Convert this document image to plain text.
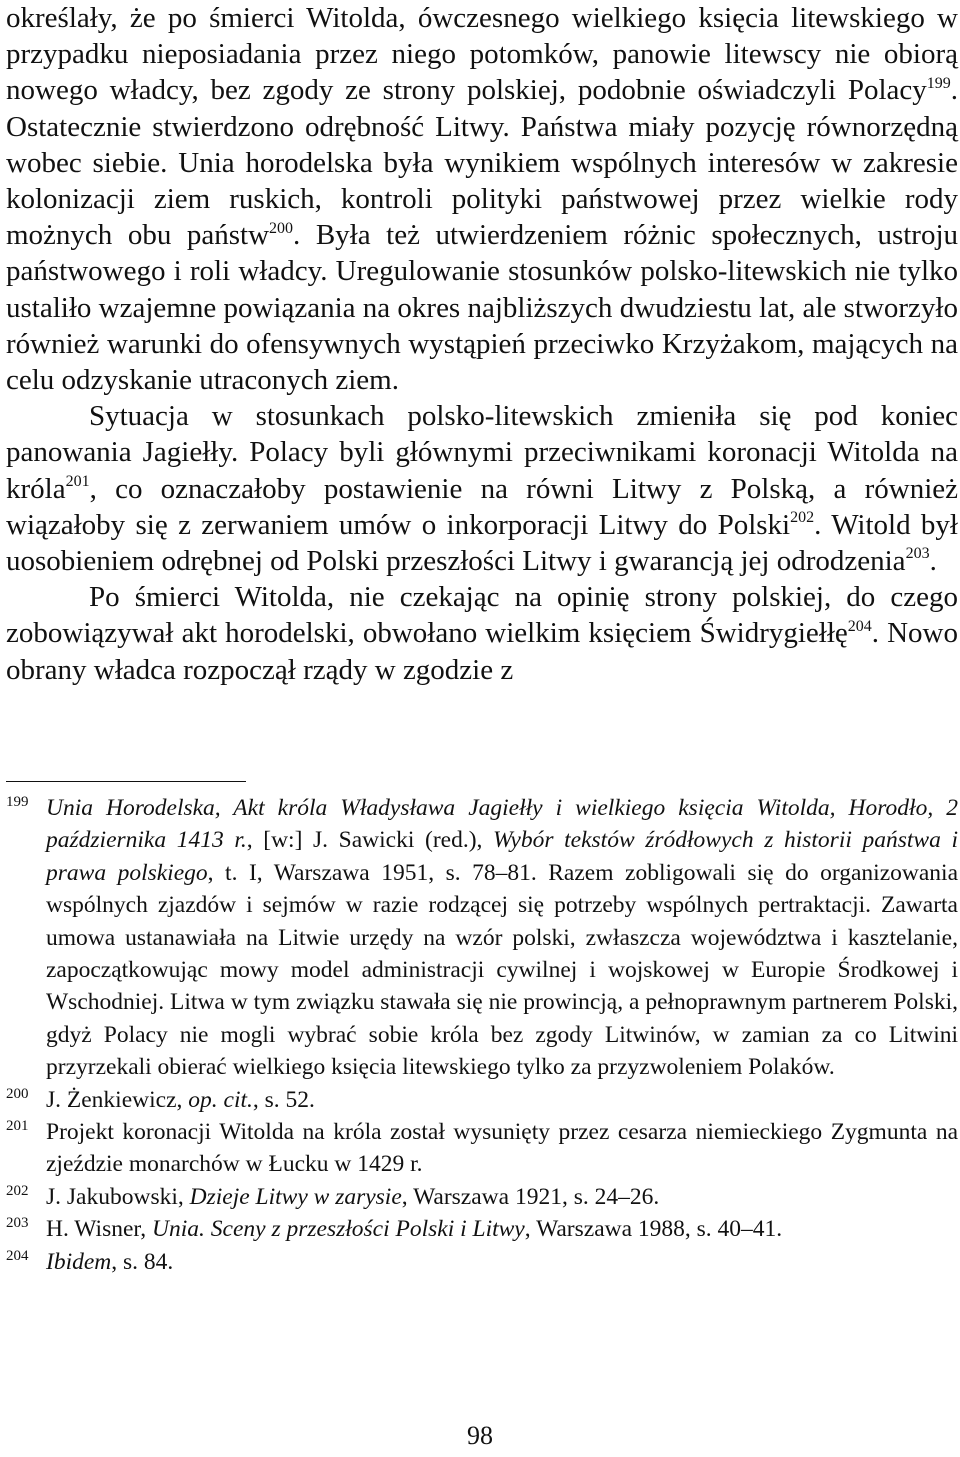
określały, że po śmierci Witolda, ówczesnego wielkiego księcia litewskiego w przypadku nieposiadania przez niego potomków, panowie litewscy nie obiorą nowego władcy, bez zgody ze strony polskiej, podobnie oświadczyli Polacy$^{199}$. Ostatecznie stwierdzono odrębność Litwy. Państwa miały pozycję równorzędną wobec siebie. Unia horodelska była wynikiem wspólnych interesów w zakresie kolonizacji ziem ruskich, kontroli polityki państwowej przez wielkie rody możnych obu państw$^{200}$. Była też utwierdzeniem różnic społecznych, ustroju państwowego i roli władcy. Uregulowanie stosunków polsko-litewskich nie tylko ustaliło wzajemne powiązania na okres najbliższych dwudziestu lat, ale stworzyło również warunki do ofensywnych wystąpień przeciwko Krzyżakom, mających na celu odzyskanie utraconych ziem.

Sytuacja w stosunkach polsko-litewskich zmieniła się pod koniec panowania Jagiełły. Polacy byli głównymi przeciwnikami koronacji Witolda na króla$^{201}$, co oznaczałoby postawienie na równi Litwy z Polską, a również wiązałoby się z zerwaniem umów o inkorporacji Litwy do Polski$^{202}$. Witold był uosobieniem odrębnej od Polski przeszłości Litwy i gwarancją jej odrodzenia$^{203}$.

Po śmierci Witolda, nie czekając na opinię strony polskiej, do czego zobowiązywał akt horodelski, obwołano wielkim księciem Świdrygiełłę$^{204}$. Nowo obrany władca rozpoczął rządy w zgodzie z

199 Unia Horodelska, Akt króla Władysława Jagiełły i wielkiego księcia Witolda, Horodło, 2 października 1413 r., [w:] J. Sawicki (red.), Wybór tekstów źródłowych z historii państwa i prawa polskiego, t. I, Warszawa 1951, s. 78–81. Razem zobligowali się do organizowania wspólnych zjazdów i sejmów w razie rodzącej się potrzeby wspólnych pertraktacji. Zawarta umowa ustanawiała na Litwie urzędy na wzór polski, zwłaszcza województwa i kasztelanie, zapoczątkowując mowy model administracji cywilnej i wojskowej w Europie Środkowej i Wschodniej. Litwa w tym związku stawała się nie prowincją, a pełnoprawnym partnerem Polski, gdyż Polacy nie mogli wybrać sobie króla bez zgody Litwinów, w zamian za co Litwini przyrzekali obierać wielkiego księcia litewskiego tylko za przyzwoleniem Polaków.
200 J. Żenkiewicz, op. cit., s. 52.
201 Projekt koronacji Witolda na króla został wysunięty przez cesarza niemieckiego Zygmunta na zjeździe monarchów w Łucku w 1429 r.
202 J. Jakubowski, Dzieje Litwy w zarysie, Warszawa 1921, s. 24–26.
203 H. Wisner, Unia. Sceny z przeszłości Polski i Litwy, Warszawa 1988, s. 40–41.
204 Ibidem, s. 84.
98
